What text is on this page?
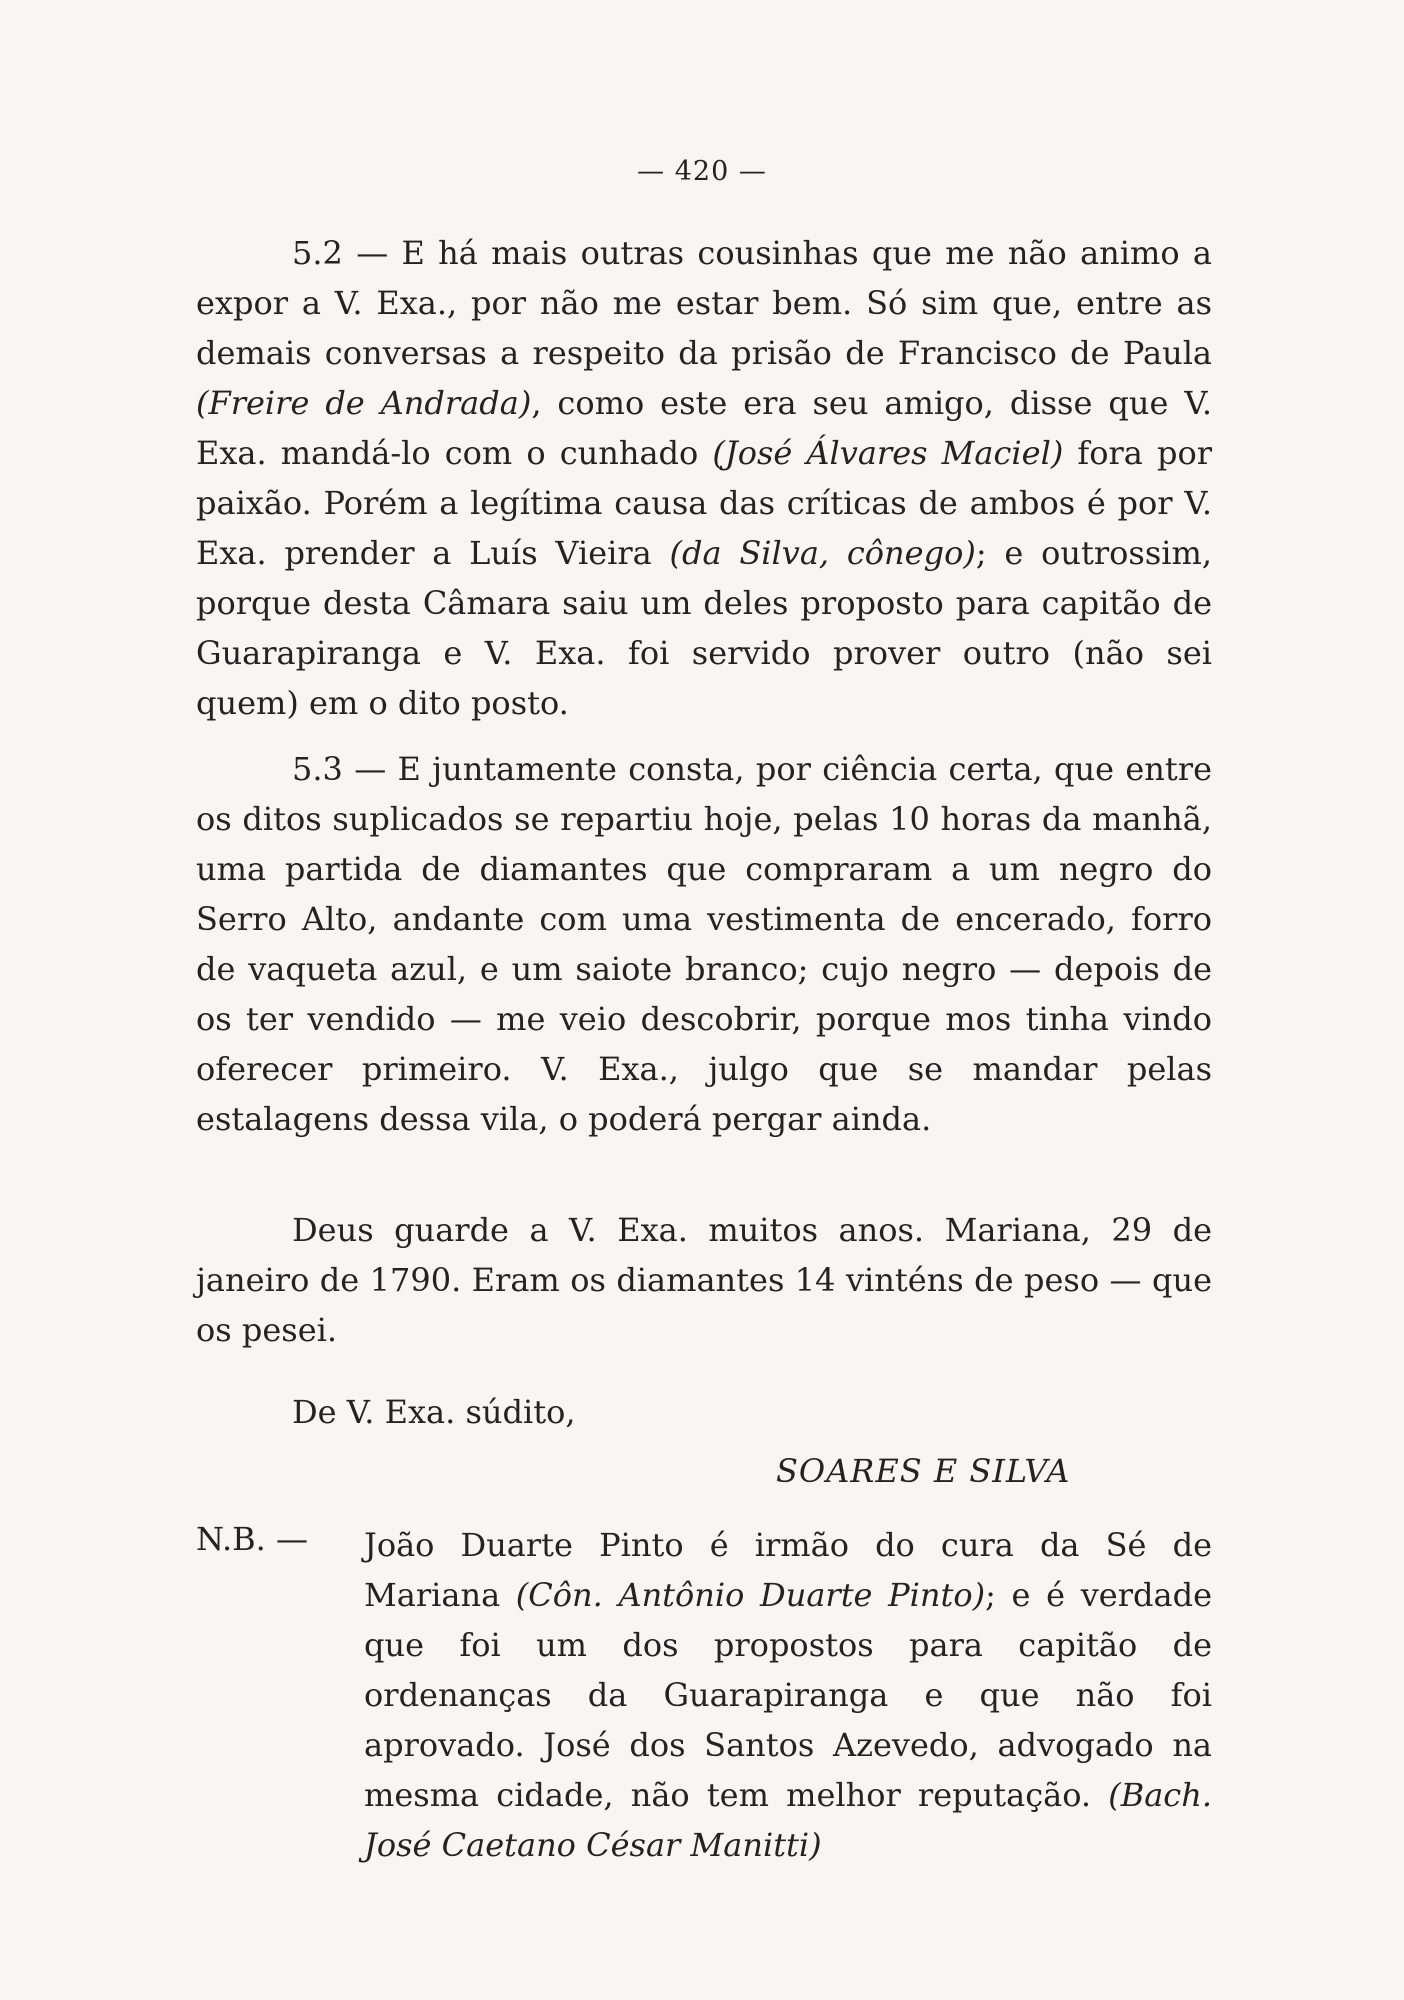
— 420 —

5.2 — E há mais outras cousinhas que me não animo a expor a V. Exa., por não me estar bem. Só sim que, entre as demais conversas a respeito da prisão de Francisco de Paula (Freire de Andrada), como este era seu amigo, disse que V. Exa. mandá-lo com o cunhado (José Álvares Maciel) fora por paixão. Porém a legítima causa das críticas de ambos é por V. Exa. prender a Luís Vieira (da Silva, cônego); e outrossim, porque desta Câmara saiu um deles proposto para capitão de Guarapiranga e V. Exa. foi servido prover outro (não sei quem) em o dito posto.

5.3 — E juntamente consta, por ciência certa, que entre os ditos suplicados se repartiu hoje, pelas 10 horas da manhã, uma partida de diamantes que compraram a um negro do Serro Alto, andante com uma vestimenta de encerado, forro de vaqueta azul, e um saiote branco; cujo negro — depois de os ter vendido — me veio descobrir, porque mos tinha vindo oferecer primeiro. V. Exa., julgo que se mandar pelas estalagens dessa vila, o poderá pergar ainda.

Deus guarde a V. Exa. muitos anos. Mariana, 29 de janeiro de 1790. Eram os diamantes 14 vinténs de peso — que os pesei.

De V. Exa. súdito,
SOARES E SILVA
N.B. — João Duarte Pinto é irmão do cura da Sé de Mariana (Côn. Antônio Duarte Pinto); e é verdade que foi um dos propostos para capitão de ordenanças da Guarapiranga e que não foi aprovado. José dos Santos Azevedo, advogado na mesma cidade, não tem melhor reputação. (Bach. José Caetano César Manitti)
